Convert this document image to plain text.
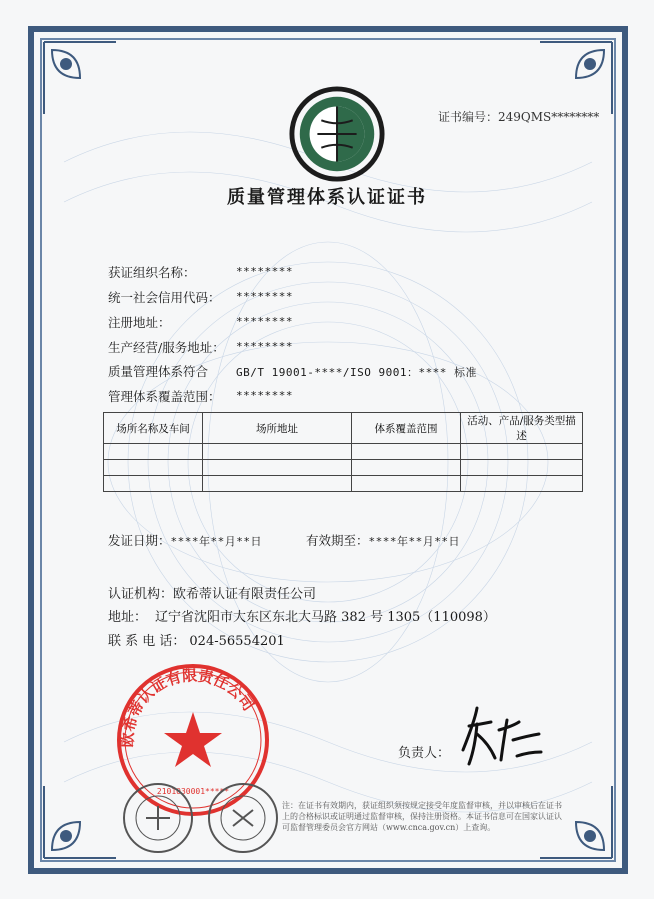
证书编号：249QMS********
质量管理体系认证证书
获证组织名称：	********
统一社会信用代码： ********
注册地址：	********
生产经营/服务地址： ********
质量管理体系符合	GB/T 19001-****/ISO 9001：**** 标准
管理体系覆盖范围： ********
场所名称及车间	场所地址	体系覆盖范围	活动、产品/服务类型描述

发证日期：****年**月**日	有效期至：****年**月**日
认证机构：欧希蒂认证有限责任公司
地址： 辽宁省沈阳市大东区东北大马路 382 号 1305（110098）
联 系 电 话： 024-56554201
欧希蒂认证有限责任公司
2101030001*****
负责人：
注：在证书有效期内，获证组织须按规定接受年度监督审核，并以审核后在证书上的合格标识或证明通过监督审核，保持注册资格。本证书信息可在国家认证认可监督管理委员会官方网站（www.cnca.gov.cn）上查询。
